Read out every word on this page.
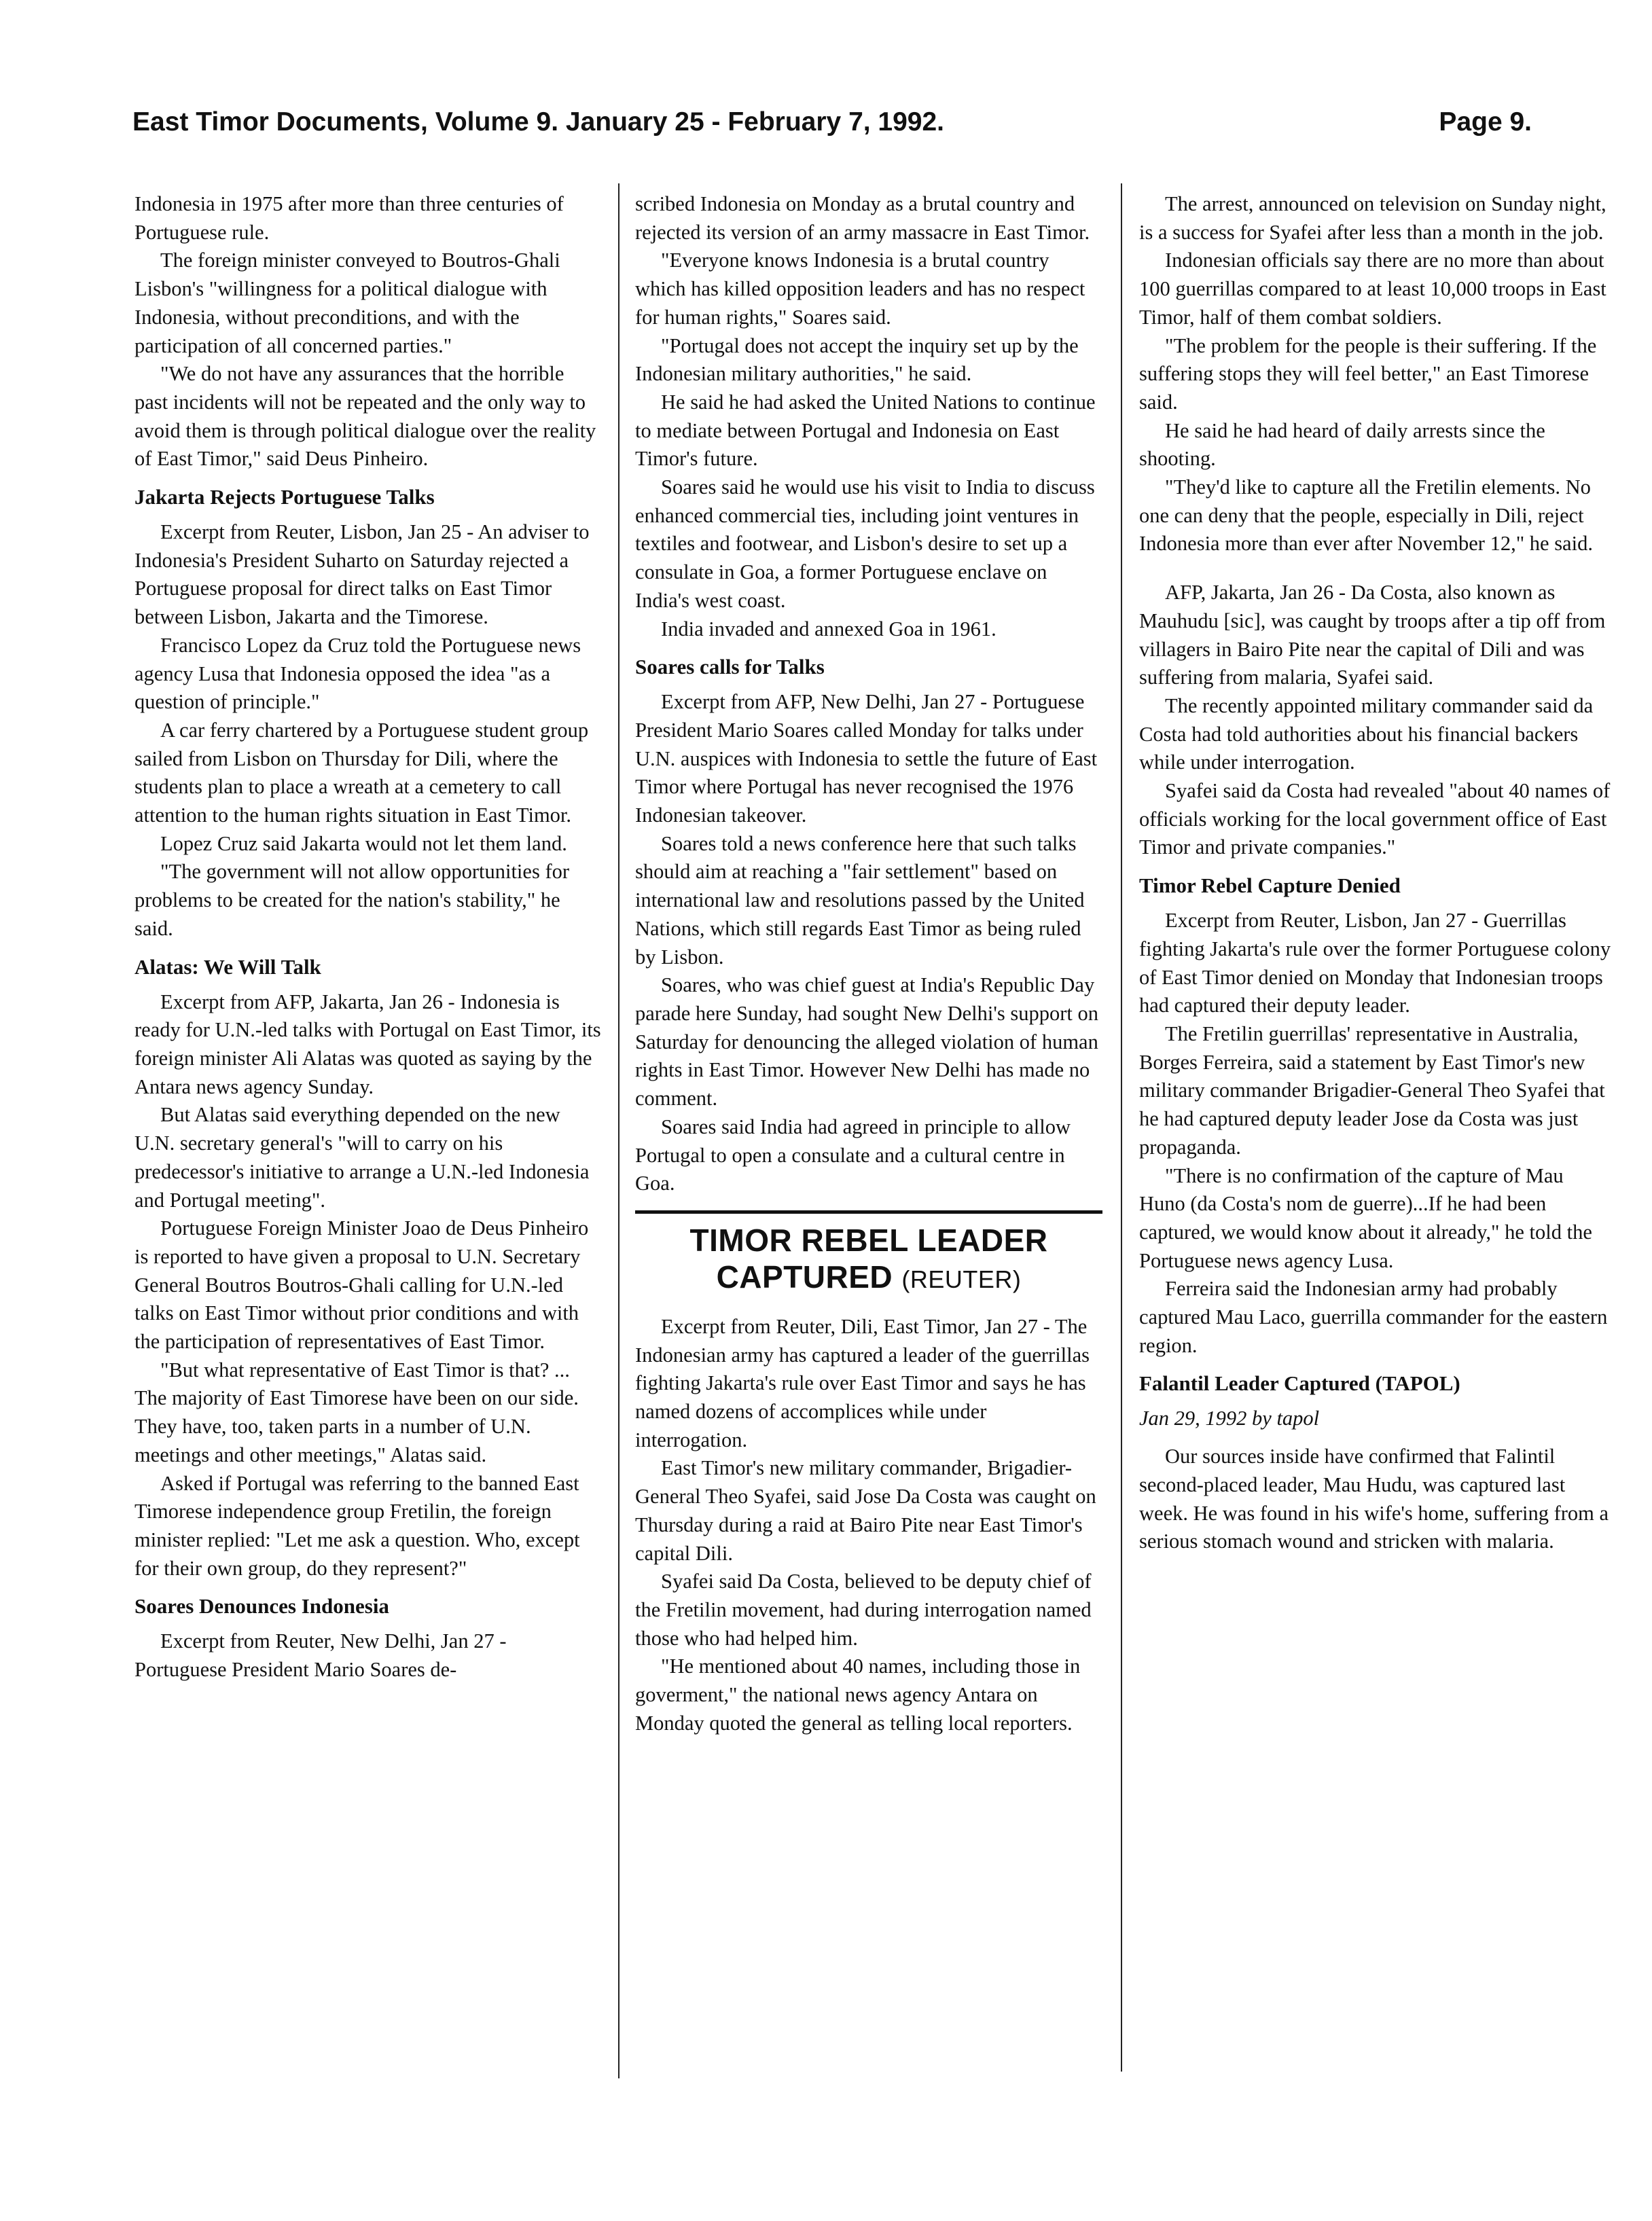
East Timor Documents, Volume 9. January 25 - February 7, 1992.	Page 9.

Indonesia in 1975 after more than three centuries of Portuguese rule.

The foreign minister conveyed to Boutros-Ghali Lisbon's "willingness for a political dialogue with Indonesia, without preconditions, and with the participation of all concerned parties."

"We do not have any assurances that the horrible past incidents will not be repeated and the only way to avoid them is through political dialogue over the reality of East Timor," said Deus Pinheiro.

Jakarta Rejects Portuguese Talks

Excerpt from Reuter, Lisbon, Jan 25 - An adviser to Indonesia's President Suharto on Saturday rejected a Portuguese proposal for direct talks on East Timor between Lisbon, Jakarta and the Timorese.

Francisco Lopez da Cruz told the Portuguese news agency Lusa that Indonesia opposed the idea "as a question of principle."

A car ferry chartered by a Portuguese student group sailed from Lisbon on Thursday for Dili, where the students plan to place a wreath at a cemetery to call attention to the human rights situation in East Timor.

Lopez Cruz said Jakarta would not let them land.

"The government will not allow opportunities for problems to be created for the nation's stability," he said.

Alatas: We Will Talk

Excerpt from AFP, Jakarta, Jan 26 - Indonesia is ready for U.N.-led talks with Portugal on East Timor, its foreign minister Ali Alatas was quoted as saying by the Antara news agency Sunday.

But Alatas said everything depended on the new U.N. secretary general's "will to carry on his predecessor's initiative to arrange a U.N.-led Indonesia and Portugal meeting".

Portuguese Foreign Minister Joao de Deus Pinheiro is reported to have given a proposal to U.N. Secretary General Boutros Boutros-Ghali calling for U.N.-led talks on East Timor without prior conditions and with the participation of representatives of East Timor.

"But what representative of East Timor is that? ... The majority of East Timorese have been on our side. They have, too, taken parts in a number of U.N. meetings and other meetings," Alatas said.

Asked if Portugal was referring to the banned East Timorese independence group Fretilin, the foreign minister replied: "Let me ask a question. Who, except for their own group, do they represent?"

Soares Denounces Indonesia

Excerpt from Reuter, New Delhi, Jan 27 - Portuguese President Mario Soares de-

scribed Indonesia on Monday as a brutal country and rejected its version of an army massacre in East Timor.

"Everyone knows Indonesia is a brutal country which has killed opposition leaders and has no respect for human rights," Soares said.

"Portugal does not accept the inquiry set up by the Indonesian military authorities," he said.

He said he had asked the United Nations to continue to mediate between Portugal and Indonesia on East Timor's future.

Soares said he would use his visit to India to discuss enhanced commercial ties, including joint ventures in textiles and footwear, and Lisbon's desire to set up a consulate in Goa, a former Portuguese enclave on India's west coast.

India invaded and annexed Goa in 1961.

Soares calls for Talks

Excerpt from AFP, New Delhi, Jan 27 - Portuguese President Mario Soares called Monday for talks under U.N. auspices with Indonesia to settle the future of East Timor where Portugal has never recognised the 1976 Indonesian takeover.

Soares told a news conference here that such talks should aim at reaching a "fair settlement" based on international law and resolutions passed by the United Nations, which still regards East Timor as being ruled by Lisbon.

Soares, who was chief guest at India's Republic Day parade here Sunday, had sought New Delhi's support on Saturday for denouncing the alleged violation of human rights in East Timor. However New Delhi has made no comment.

Soares said India had agreed in principle to allow Portugal to open a consulate and a cultural centre in Goa.

TIMOR REBEL LEADER
CAPTURED (REUTER)

Excerpt from Reuter, Dili, East Timor, Jan 27 - The Indonesian army has captured a leader of the guerrillas fighting Jakarta's rule over East Timor and says he has named dozens of accomplices while under interrogation.

East Timor's new military commander, Brigadier-General Theo Syafei, said Jose Da Costa was caught on Thursday during a raid at Bairo Pite near East Timor's capital Dili.

Syafei said Da Costa, believed to be deputy chief of the Fretilin movement, had during interrogation named those who had helped him.

"He mentioned about 40 names, including those in goverment," the national news agency Antara on Monday quoted the general as telling local reporters.

The arrest, announced on television on Sunday night, is a success for Syafei after less than a month in the job.

Indonesian officials say there are no more than about 100 guerrillas compared to at least 10,000 troops in East Timor, half of them combat soldiers.

"The problem for the people is their suffering. If the suffering stops they will feel better," an East Timorese said.

He said he had heard of daily arrests since the shooting.

"They'd like to capture all the Fretilin elements. No one can deny that the people, especially in Dili, reject Indonesia more than ever after November 12," he said.

AFP, Jakarta, Jan 26 - Da Costa, also known as Mauhudu [sic], was caught by troops after a tip off from villagers in Bairo Pite near the capital of Dili and was suffering from malaria, Syafei said.

The recently appointed military commander said da Costa had told authorities about his financial backers while under interrogation.

Syafei said da Costa had revealed "about 40 names of officials working for the local government office of East Timor and private companies."

Timor Rebel Capture Denied

Excerpt from Reuter, Lisbon, Jan 27 - Guerrillas fighting Jakarta's rule over the former Portuguese colony of East Timor denied on Monday that Indonesian troops had captured their deputy leader.

The Fretilin guerrillas' representative in Australia, Borges Ferreira, said a statement by East Timor's new military commander Brigadier-General Theo Syafei that he had captured deputy leader Jose da Costa was just propaganda.

"There is no confirmation of the capture of Mau Huno (da Costa's nom de guerre)...If he had been captured, we would know about it already," he told the Portuguese news agency Lusa.

Ferreira said the Indonesian army had probably captured Mau Laco, guerrilla commander for the eastern region.

Falantil Leader Captured (TAPOL)

Jan 29, 1992 by tapol

Our sources inside have confirmed that Falintil second-placed leader, Mau Hudu, was captured last week. He was found in his wife's home, suffering from a serious stomach wound and stricken with malaria.
